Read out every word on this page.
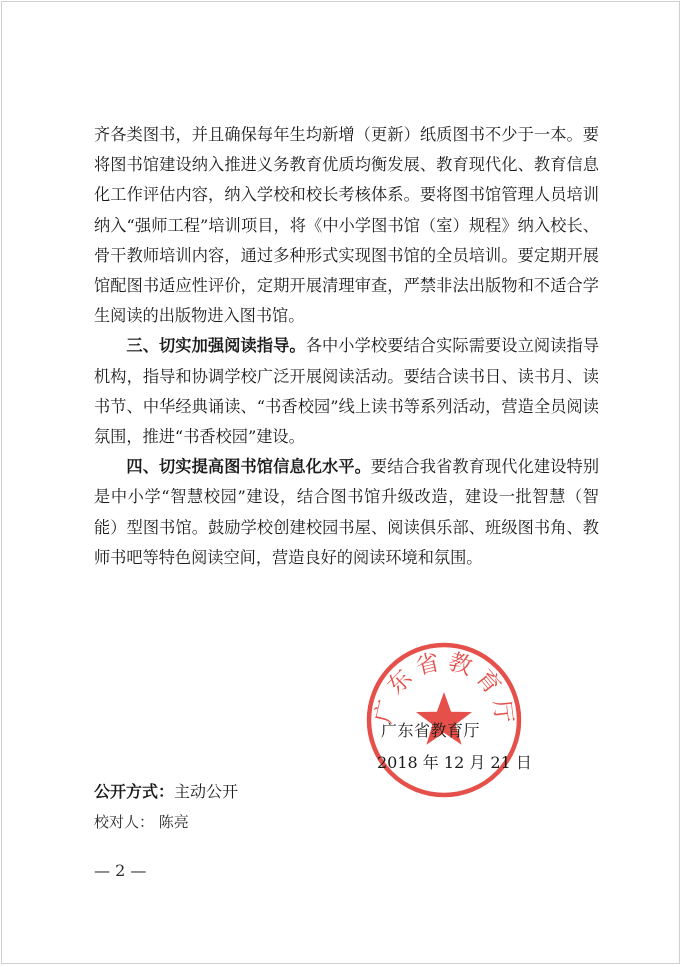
齐各类图书，并且确保每年生均新增（更新）纸质图书不少于一本。要将图书馆建设纳入推进义务教育优质均衡发展、教育现代化、教育信息化工作评估内容，纳入学校和校长考核体系。要将图书馆管理人员培训纳入“强师工程”培训项目，将《中小学图书馆（室）规程》纳入校长、骨干教师培训内容，通过多种形式实现图书馆的全员培训。要定期开展馆配图书适应性评价，定期开展清理审查，严禁非法出版物和不适合学生阅读的出版物进入图书馆。

三、切实加强阅读指导。各中小学校要结合实际需要设立阅读指导机构，指导和协调学校广泛开展阅读活动。要结合读书日、读书月、读书节、中华经典诵读、“书香校园”线上读书等系列活动，营造全员阅读氛围，推进“书香校园”建设。

四、切实提高图书馆信息化水平。要结合我省教育现代化建设特别是中小学“智慧校园”建设，结合图书馆升级改造，建设一批智慧（智能）型图书馆。鼓励学校创建校园书屋、阅读俱乐部、班级图书角、教师书吧等特色阅读空间，营造良好的阅读环境和氛围。

广东省教育厅
广东省教育厅
2018 年 12 月 21 日
公开方式：主动公开
校对人： 陈亮
— 2 —
